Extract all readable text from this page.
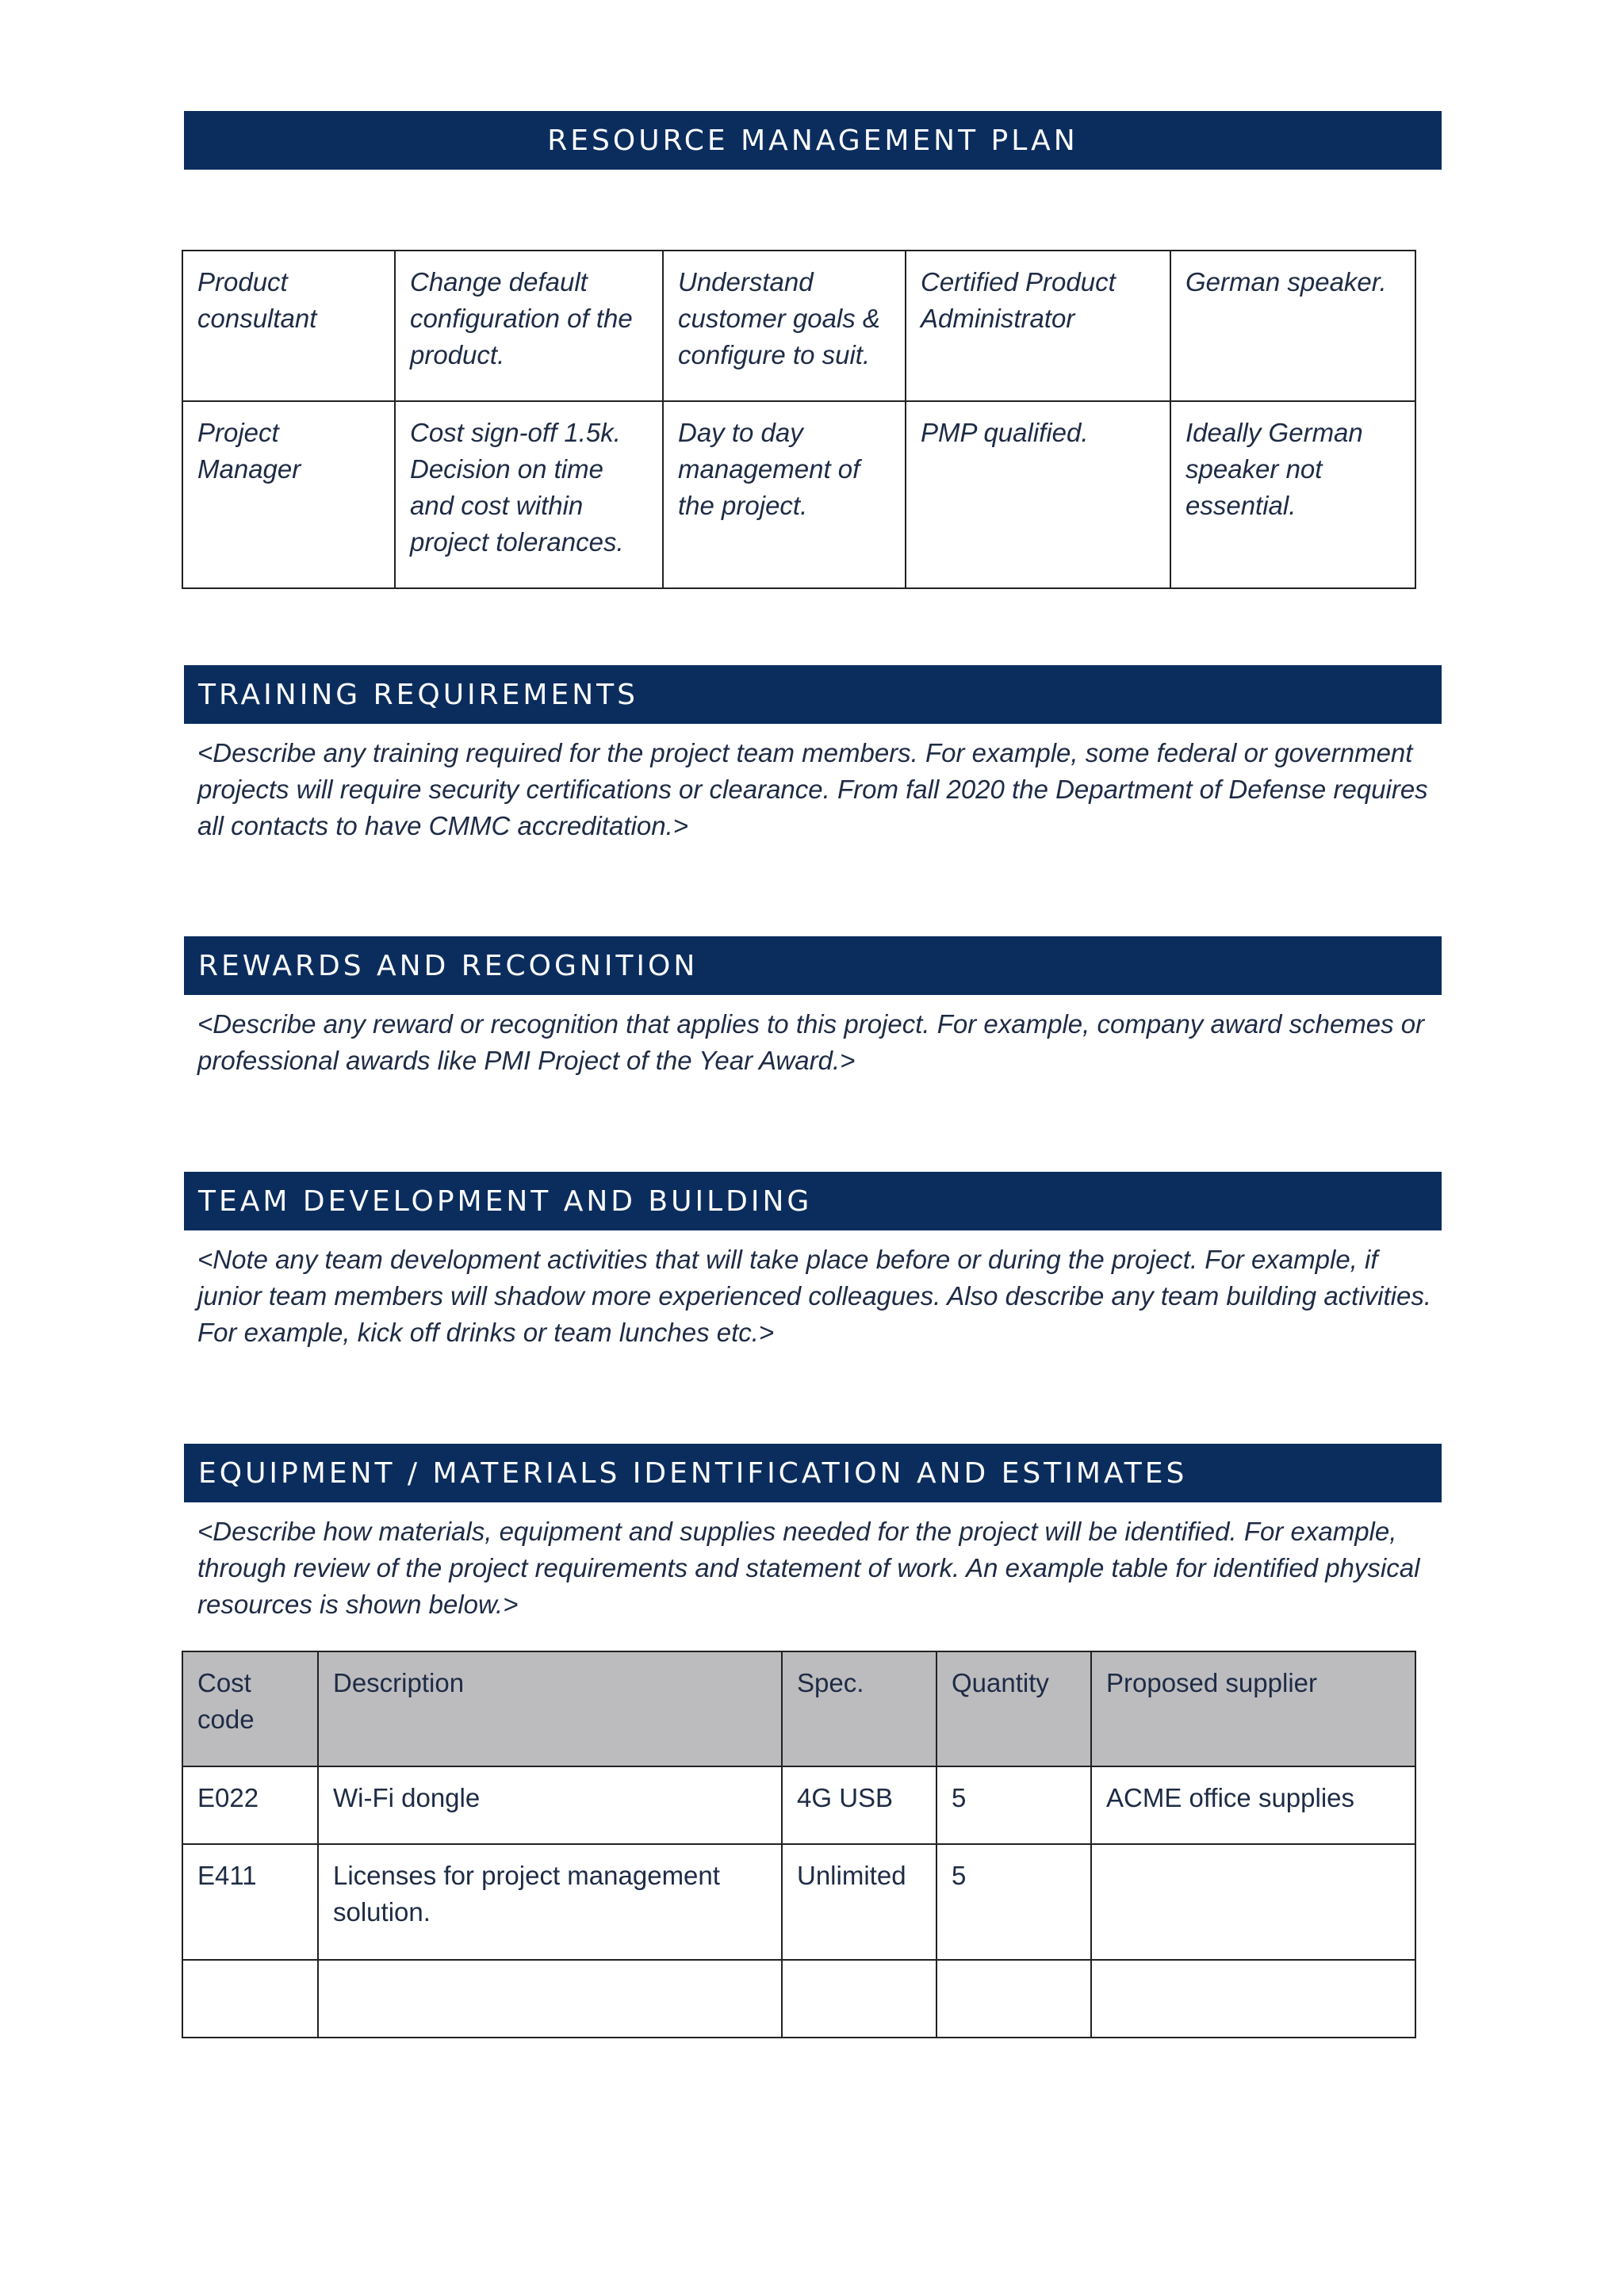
RESOURCE MANAGEMENT PLAN
Product consultant	Change default configuration of the product.	Understand customer goals & configure to suit.	Certified Product Administrator	German speaker.
Project Manager	Cost sign-off 1.5k. Decision on time and cost within project tolerances.	Day to day management of the project.	PMP qualified.	Ideally German speaker not essential.
TRAINING REQUIREMENTS
<Describe any training required for the project team members. For example, some federal or government projects will require security certifications or clearance. From fall 2020 the Department of Defense requires all contacts to have CMMC accreditation.>
REWARDS AND RECOGNITION
<Describe any reward or recognition that applies to this project. For example, company award schemes or professional awards like PMI Project of the Year Award.>
TEAM DEVELOPMENT AND BUILDING
<Note any team development activities that will take place before or during the project. For example, if junior team members will shadow more experienced colleagues. Also describe any team building activities. For example, kick off drinks or team lunches etc.>
EQUIPMENT / MATERIALS IDENTIFICATION AND ESTIMATES
<Describe how materials, equipment and supplies needed for the project will be identified. For example, through review of the project requirements and statement of work. An example table for identified physical resources is shown below.>
Cost code	Description	Spec.	Quantity	Proposed supplier
E022	Wi-Fi dongle	4G USB	5	ACME office supplies
E411	Licenses for project management solution.	Unlimited	5	
